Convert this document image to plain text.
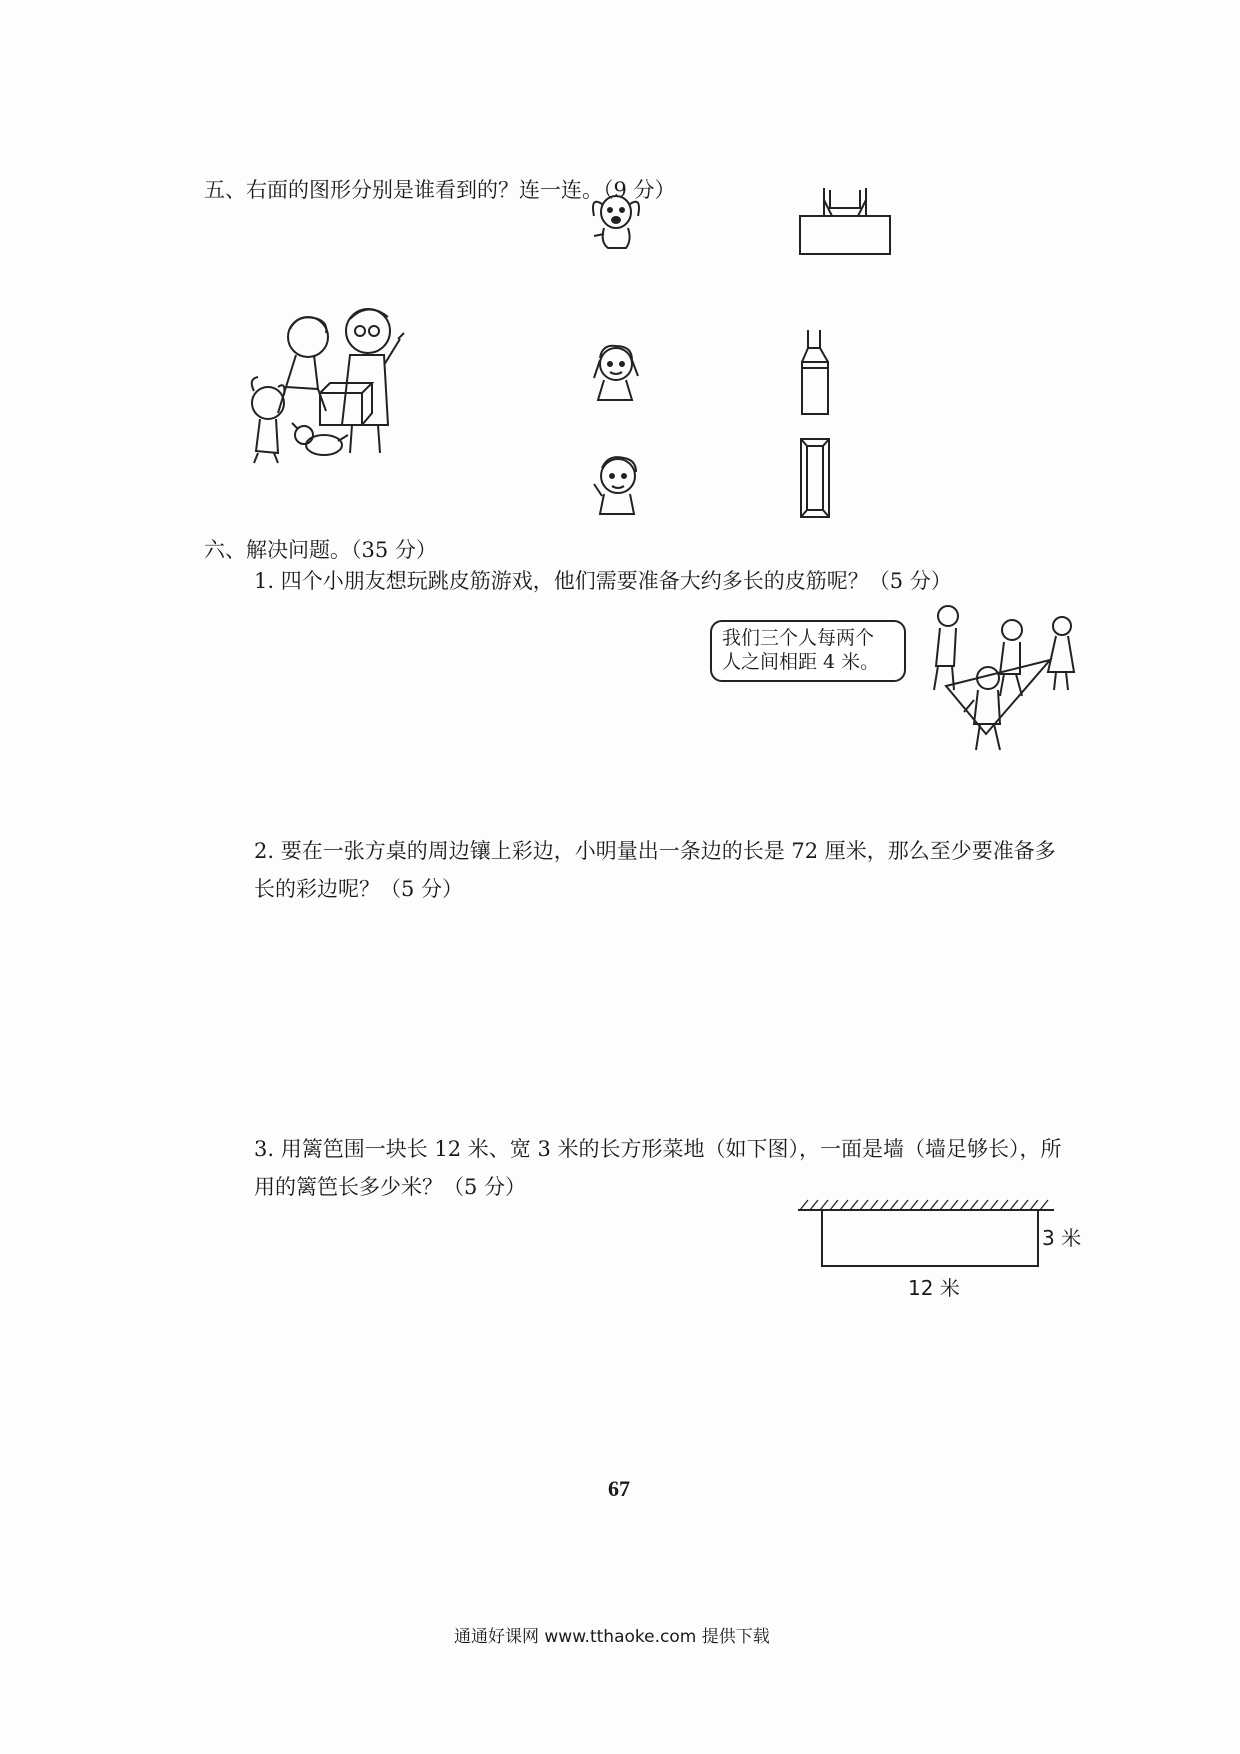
五、右面的图形分别是谁看到的？连一连。（9 分）
六、解决问题。（35 分）
1. 四个小朋友想玩跳皮筋游戏，他们需要准备大约多长的皮筋呢？（5 分）
我们三个人每两个
人之间相距 4 米。
2. 要在一张方桌的周边镶上彩边，小明量出一条边的长是 72 厘米，那么至少要准备多长的彩边呢？（5 分）
3. 用篱笆围一块长 12 米、宽 3 米的长方形菜地（如下图），一面是墙（墙足够长），所用的篱笆长多少米？（5 分）
3 米
12 米
67
通通好课网 www.tthaoke.com 提供下载
